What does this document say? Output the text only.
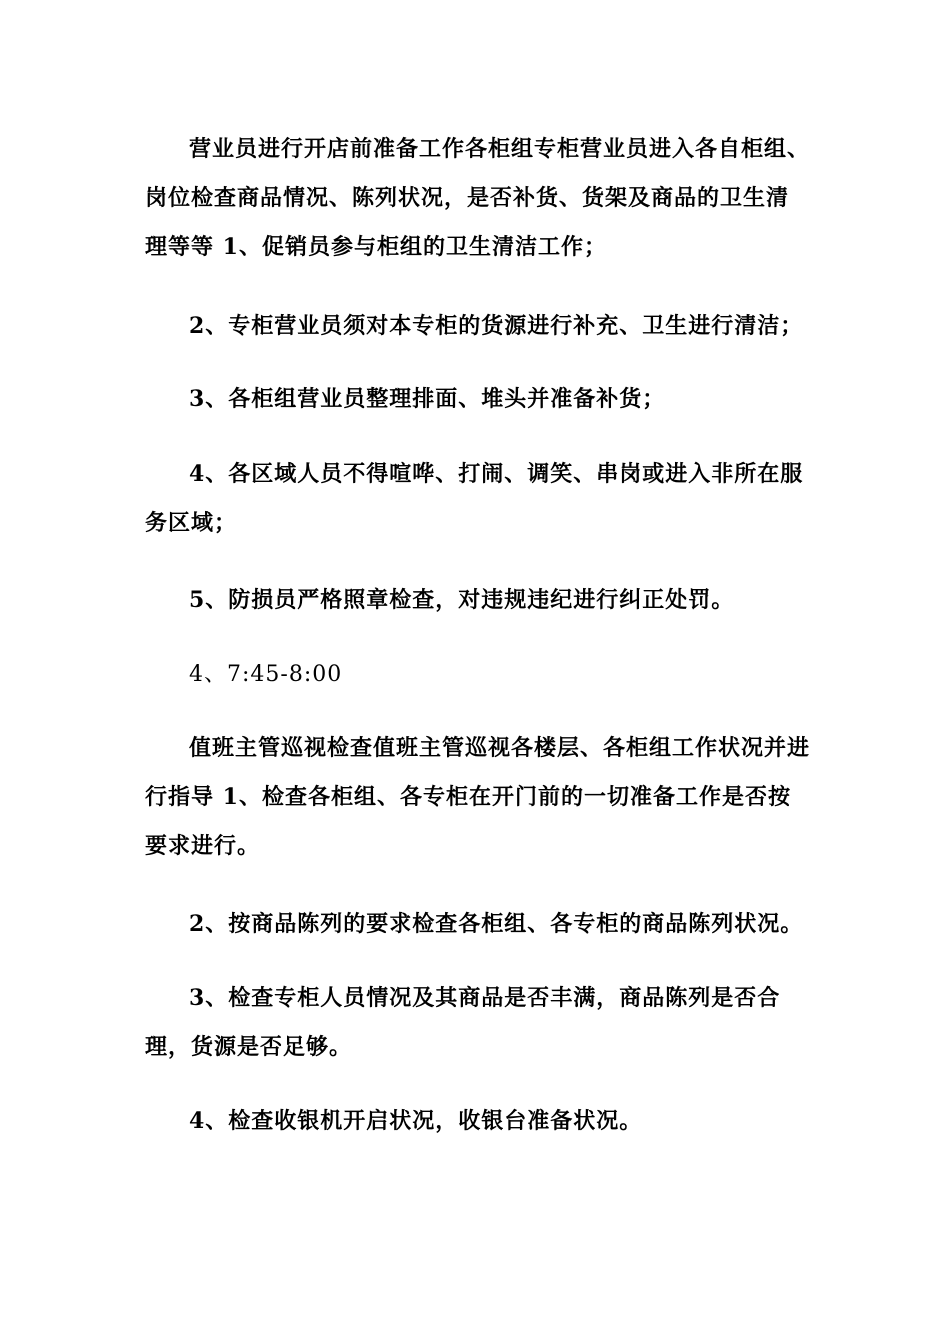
营业员进行开店前准备工作各柜组专柜营业员进入各自柜组、岗位检查商品情况、陈列状况，是否补货、货架及商品的卫生清理等等 1、促销员参与柜组的卫生清洁工作；

2、专柜营业员须对本专柜的货源进行补充、卫生进行清洁；

3、各柜组营业员整理排面、堆头并准备补货；

4、各区域人员不得喧哗、打闹、调笑、串岗或进入非所在服务区域；

5、防损员严格照章检查，对违规违纪进行纠正处罚。

4、7:45-8:00

值班主管巡视检查值班主管巡视各楼层、各柜组工作状况并进行指导 1、检查各柜组、各专柜在开门前的一切准备工作是否按要求进行。

2、按商品陈列的要求检查各柜组、各专柜的商品陈列状况。

3、检查专柜人员情况及其商品是否丰满，商品陈列是否合理，货源是否足够。

4、检查收银机开启状况，收银台准备状况。
